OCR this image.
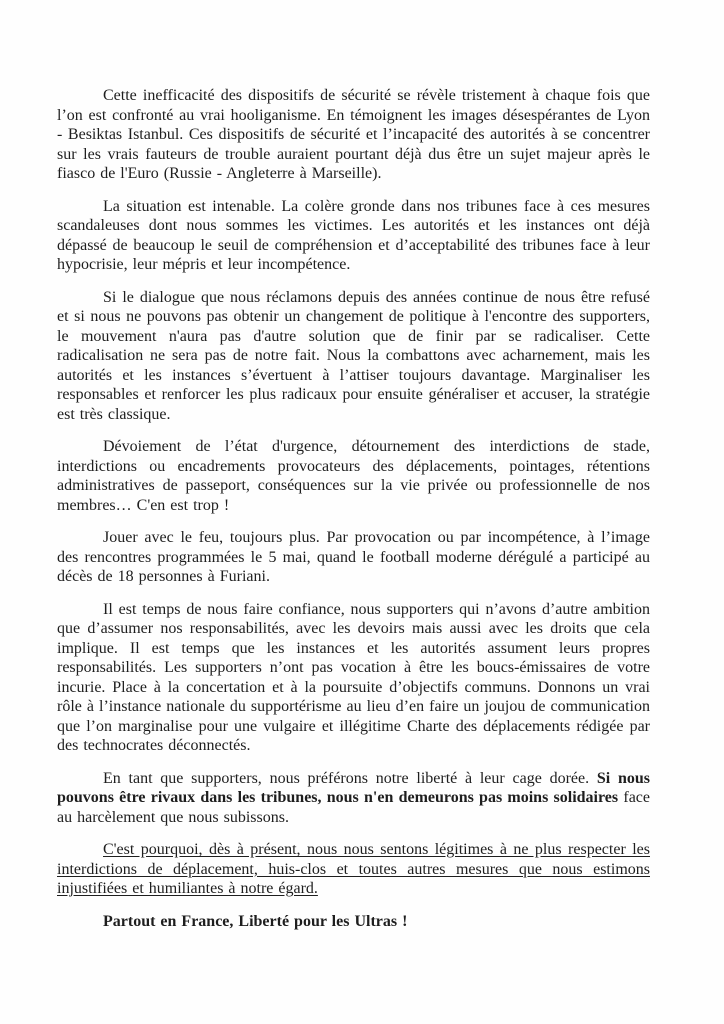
Cette inefficacité des dispositifs de sécurité se révèle tristement à chaque fois que l’on est confronté au vrai hooliganisme. En témoignent les images désespérantes de Lyon - Besiktas Istanbul. Ces dispositifs de sécurité et l’incapacité des autorités à se concentrer sur les vrais fauteurs de trouble auraient pourtant déjà dus être un sujet majeur après le fiasco de l'Euro (Russie - Angleterre à Marseille).

La situation est intenable. La colère gronde dans nos tribunes face à ces mesures scandaleuses dont nous sommes les victimes. Les autorités et les instances ont déjà dépassé de beaucoup le seuil de compréhension et d’acceptabilité des tribunes face à leur hypocrisie, leur mépris et leur incompétence.

Si le dialogue que nous réclamons depuis des années continue de nous être refusé et si nous ne pouvons pas obtenir un changement de politique à l'encontre des supporters, le mouvement n'aura pas d'autre solution que de finir par se radicaliser. Cette radicalisation ne sera pas de notre fait. Nous la combattons avec acharnement, mais les autorités et les instances s’évertuent à l’attiser toujours davantage. Marginaliser les responsables et renforcer les plus radicaux pour ensuite généraliser et accuser, la stratégie est très classique.

Dévoiement de l’état d'urgence, détournement des interdictions de stade, interdictions ou encadrements provocateurs des déplacements, pointages, rétentions administratives de passeport, conséquences sur la vie privée ou professionnelle de nos membres… C'en est trop !

Jouer avec le feu, toujours plus. Par provocation ou par incompétence, à l’image des rencontres programmées le 5 mai, quand le football moderne dérégulé a participé au décès de 18 personnes à Furiani.

Il est temps de nous faire confiance, nous supporters qui n’avons d’autre ambition que d’assumer nos responsabilités, avec les devoirs mais aussi avec les droits que cela implique. Il est temps que les instances et les autorités assument leurs propres responsabilités. Les supporters n’ont pas vocation à être les boucs-émissaires de votre incurie. Place à la concertation et à la poursuite d’objectifs communs. Donnons un vrai rôle à l’instance nationale du supportérisme au lieu d’en faire un joujou de communication que l’on marginalise pour une vulgaire et illégitime Charte des déplacements rédigée par des technocrates déconnectés.

En tant que supporters, nous préférons notre liberté à leur cage dorée. Si nous pouvons être rivaux dans les tribunes, nous n'en demeurons pas moins solidaires face au harcèlement que nous subissons.

C'est pourquoi, dès à présent, nous nous sentons légitimes à ne plus respecter les interdictions de déplacement, huis-clos et toutes autres mesures que nous estimons injustifiées et humiliantes à notre égard.

Partout en France, Liberté pour les Ultras !
